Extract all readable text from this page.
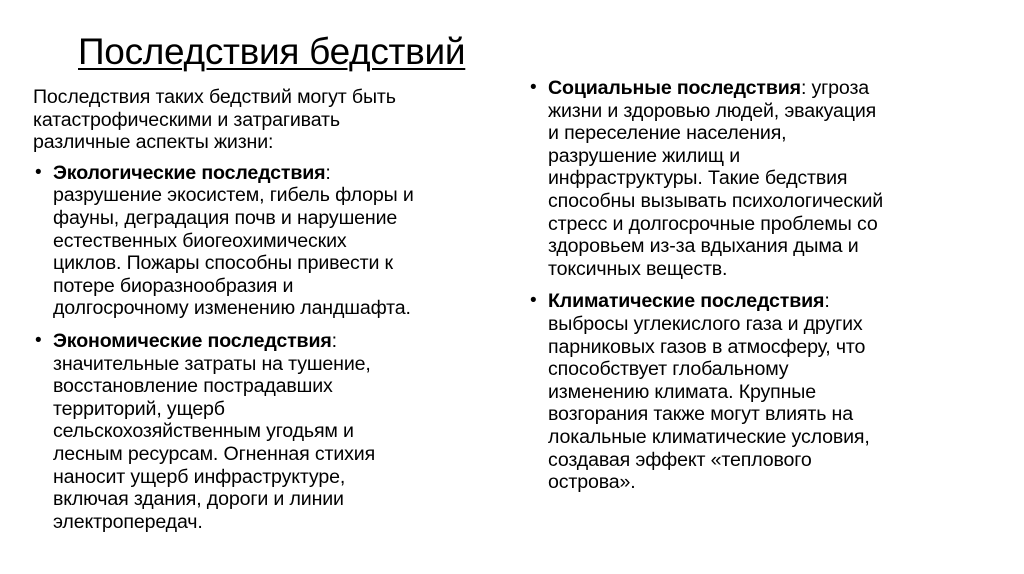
Последствия бедствий
Последствия таких бедствий могут быть
катастрофическими и затрагивать
различные аспекты жизни:
• Экологические последствия:
разрушение экосистем, гибель флоры и
фауны, деградация почв и нарушение
естественных биогеохимических
циклов. Пожары способны привести к
потере биоразнообразия и
долгосрочному изменению ландшафта.
• Экономические последствия:
значительные затраты на тушение,
восстановление пострадавших
территорий, ущерб
сельскохозяйственным угодьям и
лесным ресурсам. Огненная стихия
наносит ущерб инфраструктуре,
включая здания, дороги и линии
электропередач.
• Социальные последствия: угроза
жизни и здоровью людей, эвакуация
и переселение населения,
разрушение жилищ и
инфраструктуры. Такие бедствия
способны вызывать психологический
стресс и долгосрочные проблемы со
здоровьем из-за вдыхания дыма и
токсичных веществ.
• Климатические последствия:
выбросы углекислого газа и других
парниковых газов в атмосферу, что
способствует глобальному
изменению климата. Крупные
возгорания также могут влиять на
локальные климатические условия,
создавая эффект «теплового
острова».
